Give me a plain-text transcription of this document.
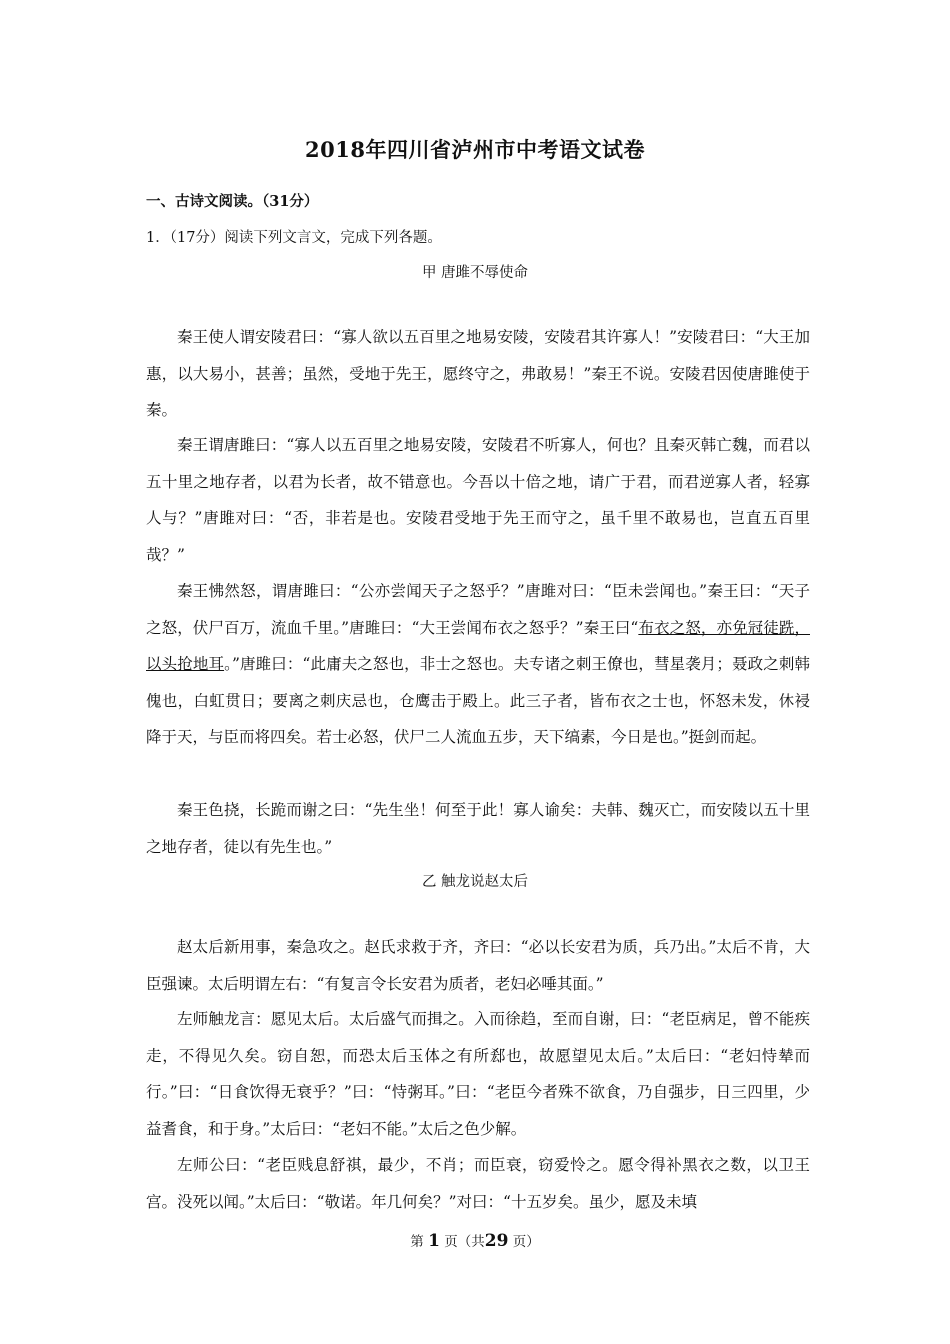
2018年四川省泸州市中考语文试卷
一、古诗文阅读。（31分）
1．（17分）阅读下列文言文，完成下列各题。
甲 唐雎不辱使命

秦王使人谓安陵君曰：“寡人欲以五百里之地易安陵，安陵君其许寡人！”安陵君曰：“大王加惠，以大易小，甚善；虽然，受地于先王，愿终守之，弗敢易！”秦王不说。安陵君因使唐雎使于秦。

秦王谓唐雎曰：“寡人以五百里之地易安陵，安陵君不听寡人，何也？且秦灭韩亡魏，而君以五十里之地存者，以君为长者，故不错意也。今吾以十倍之地，请广于君，而君逆寡人者，轻寡人与？”唐雎对曰：“否，非若是也。安陵君受地于先王而守之，虽千里不敢易也，岂直五百里哉？”

秦王怫然怒，谓唐雎曰：“公亦尝闻天子之怒乎？”唐雎对曰：“臣未尝闻也。”秦王曰：“天子之怒，伏尸百万，流血千里。”唐雎曰：“大王尝闻布衣之怒乎？”秦王曰“布衣之怒，亦免冠徒跣，以头抢地耳。”唐雎曰：“此庸夫之怒也，非士之怒也。夫专诸之刺王僚也，彗星袭月；聂政之刺韩傀也，白虹贯日；要离之刺庆忌也，仓鹰击于殿上。此三子者，皆布衣之士也，怀怒未发，休祲降于天，与臣而将四矣。若士必怒，伏尸二人流血五步，天下缟素，今日是也。”挺剑而起。

秦王色挠，长跪而谢之曰：“先生坐！何至于此！寡人谕矣：夫韩、魏灭亡，而安陵以五十里之地存者，徒以有先生也。”

乙 触龙说赵太后

赵太后新用事，秦急攻之。赵氏求救于齐，齐曰：“必以长安君为质，兵乃出。”太后不肯，大臣强谏。太后明谓左右：“有复言令长安君为质者，老妇必唾其面。”

左师触龙言：愿见太后。太后盛气而揖之。入而徐趋，至而自谢，曰：“老臣病足，曾不能疾走，不得见久矣。窃自恕，而恐太后玉体之有所郄也，故愿望见太后。”太后曰：“老妇恃辇而行。”曰：“日食饮得无衰乎？”曰：“恃粥耳。”曰：“老臣今者殊不欲食，乃自强步，日三四里，少益耆食，和于身。”太后曰：“老妇不能。”太后之色少解。

左师公曰：“老臣贱息舒祺，最少，不肖；而臣衰，窃爱怜之。愿令得补黑衣之数，以卫王宫。没死以闻。”太后曰：“敬诺。年几何矣？”对曰：“十五岁矣。虽少，愿及未填

第 1 页（共29 页）
